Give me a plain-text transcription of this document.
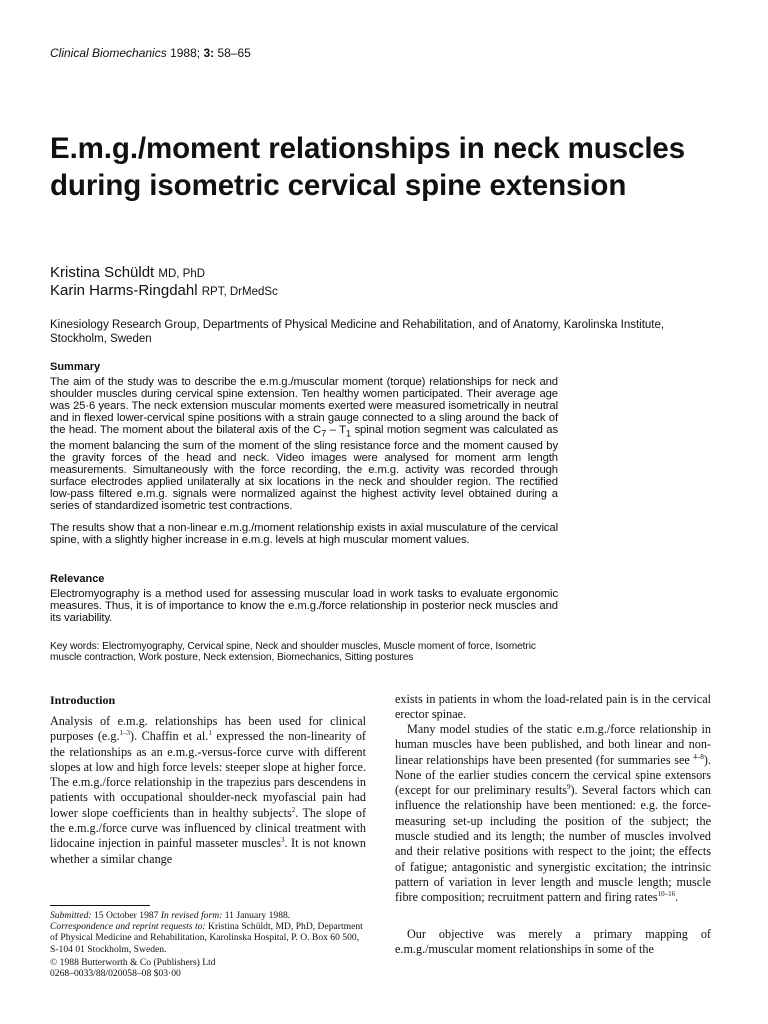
Clinical Biomechanics 1988; 3: 58–65
E.m.g./moment relationships in neck muscles during isometric cervical spine extension
Kristina Schüldt MD, PhD
Karin Harms-Ringdahl RPT, DrMedSc

Kinesiology Research Group, Departments of Physical Medicine and Rehabilitation, and of Anatomy, Karolinska Institute, Stockholm, Sweden

Summary

The aim of the study was to describe the e.m.g./muscular moment (torque) relationships for neck and shoulder muscles during cervical spine extension. Ten healthy women participated. Their average age was 25·6 years. The neck extension muscular moments exerted were measured isometrically in neutral and in flexed lower-cervical spine positions with a strain gauge connected to a sling around the back of the head. The moment about the bilateral axis of the $C_7 - T_1$ spinal motion segment was calculated as the moment balancing the sum of the moment of the sling resistance force and the moment caused by the gravity forces of the head and neck. Video images were analysed for moment arm length measurements. Simultaneously with the force recording, the e.m.g. activity was recorded through surface electrodes applied unilaterally at six locations in the neck and shoulder region. The rectified low-pass filtered e.m.g. signals were normalized against the highest activity level obtained during a series of standardized isometric test contractions.

The results show that a non-linear e.m.g./moment relationship exists in axial musculature of the cervical spine, with a slightly higher increase in e.m.g. levels at high muscular moment values.

Relevance

Electromyography is a method used for assessing muscular load in work tasks to evaluate ergonomic measures. Thus, it is of importance to know the e.m.g./force relationship in posterior neck muscles and its variability.

Key words: Electromyography, Cervical spine, Neck and shoulder muscles, Muscle moment of force, Isometric muscle contraction, Work posture, Neck extension, Biomechanics, Sitting postures

Introduction

Analysis of e.m.g. relationships has been used for clinical purposes (e.g.$^{1-3}$). Chaffin et al.$^1$ expressed the non-linearity of the relationships as an e.m.g.-versus-force curve with different slopes at low and high force levels: steeper slope at higher force. The e.m.g./force relationship in the trapezius pars descendens in patients with occupational shoulder-neck myofascial pain had lower slope coefficients than in healthy subjects$^2$. The slope of the e.m.g./force curve was influenced by clinical treatment with lidocaine injection in painful masseter muscles$^3$. It is not known whether a similar change

Submitted: 15 October 1987 In revised form: 11 January 1988.
Correspondence and reprint requests to: Kristina Schüldt, MD, PhD, Department of Physical Medicine and Rehabilitation, Karolinska Hospital, P. O. Box 60 500, S-104 01 Stockholm, Sweden.
© 1988 Butterworth & Co (Publishers) Ltd
0268–0033/88/020058–08 $03·00

exists in patients in whom the load-related pain is in the cervical erector spinae.

Many model studies of the static e.m.g./force relationship in human muscles have been published, and both linear and non-linear relationships have been presented (for summaries see $^{4-8}$). None of the earlier studies concern the cervical spine extensors (except for our preliminary results$^9$). Several factors which can influence the relationship have been mentioned: e.g. the force-measuring set-up including the position of the subject; the muscle studied and its length; the number of muscles involved and their relative positions with respect to the joint; the effects of fatigue; antagonistic and synergistic excitation; the intrinsic pattern of variation in lever length and muscle length; muscle fibre composition; recruitment pattern and firing rates$^{10-16}$.

Our objective was merely a primary mapping of e.m.g./muscular moment relationships in some of the
